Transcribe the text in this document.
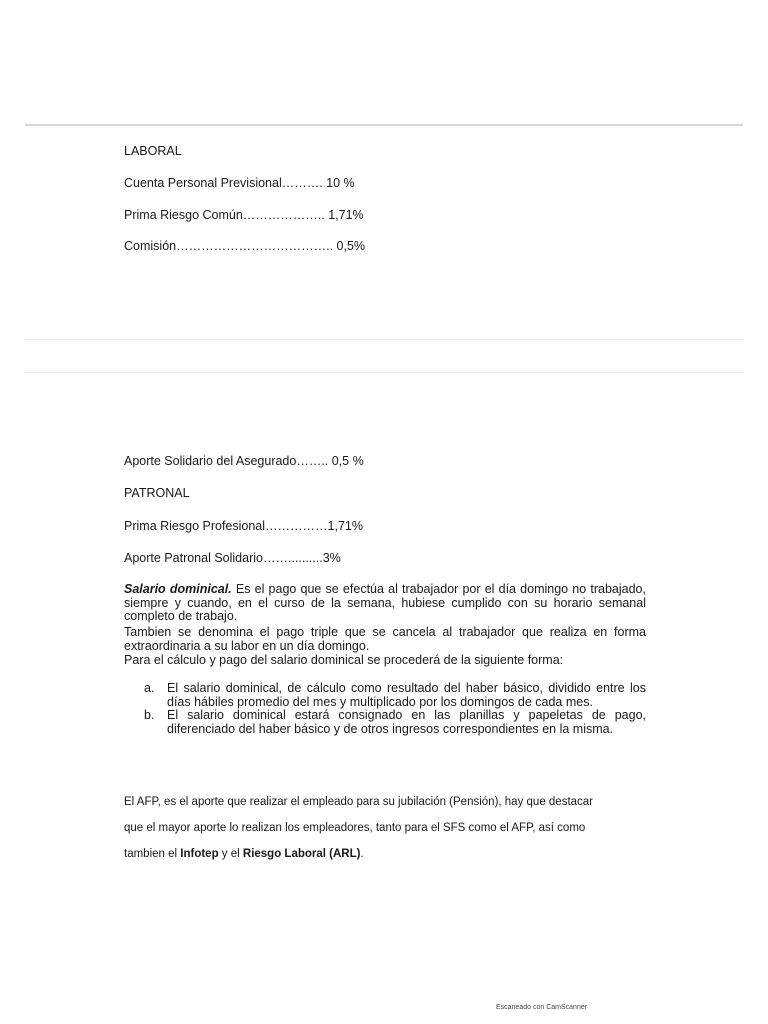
LABORAL
Cuenta Personal Previsional………. 10 %
Prima Riesgo Común……………….. 1,71%
Comisión……………………………….. 0,5%
Aporte Solidario del Asegurado…….. 0,5 %
PATRONAL
Prima Riesgo Profesional……………1,71%
Aporte Patronal Solidario……..........3%
Salario dominical. Es el pago que se efectúa al trabajador por el día domingo no trabajado, siempre y cuando, en el curso de la semana, hubiese cumplido con su horario semanal completo de trabajo.
Tambien se denomina el pago triple que se cancela al trabajador que realiza en forma extraordinaria a su labor en un día domingo.
Para el cálculo y pago del salario dominical se procederá de la siguiente forma:
a. El salario dominical, de cálculo como resultado del haber básico, dividido entre los días hábiles promedio del mes y multiplicado por los domingos de cada mes.
b. El salario dominical estará consignado en las planillas y papeletas de pago, diferenciado del haber básico y de otros ingresos correspondientes en la misma.
El AFP, es el aporte que realizar el empleado para su jubilación (Pensión), hay que destacar
que el mayor aporte lo realizan los empleadores, tanto para el SFS como el AFP, así como
tambien el Infotep y el Riesgo Laboral (ARL).
Escaneado con CamScanner
